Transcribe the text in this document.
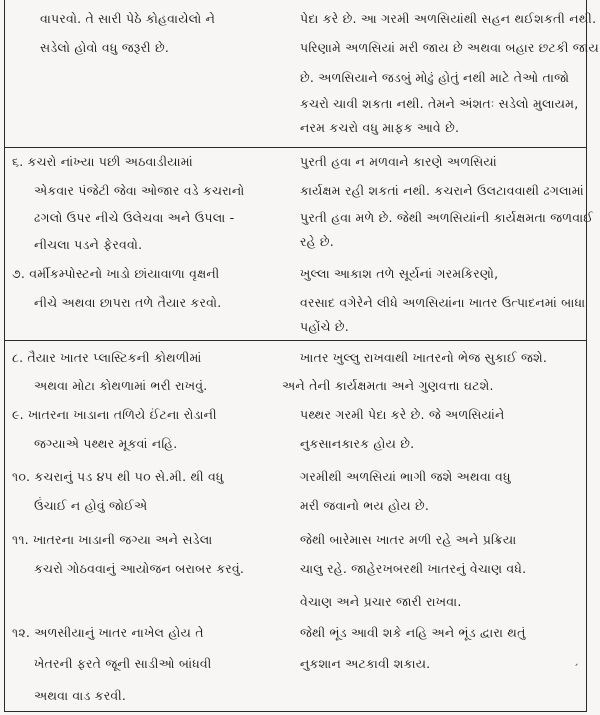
વાપરવો. તે સારી પેઠે કોહવાયેલો ને
સડેલો હોવો વધુ જરૂરી છે.
પેદા કરે છે. આ ગરમી અળસિયાંથી સહન થઈશકતી નથી.
પરિણામે અળસિયાં મરી જાય છે અથવા બહાર છટકી જાય
છે. અળસિયાને જડબું મોઢું હોતું નથી માટે તેઓ તાજો
કચરો ચાવી શકતા નથી. તેમને અંશતઃ સડેલો મુલાયમ,
નરમ કચરો વધુ માફક આવે છે.
૬. કચરો નાંખ્યા પછી અઠવાડીયામાં
એકવાર પંજેટી જેવા ઓજાર વડે કચરાનો
ઢગલો ઉપર નીચે ઉલેચવા અને ઉપલા -
નીચલા પડને ફેરવવો.
પુરતી હવા ન મળવાને કારણે અળસિયાં
કાર્યક્ષમ રહી શકતાં નથી. કચરાને ઉલટાવવાથી ઢગલામાં
પુરતી હવા મળે છે. જેથી અળસિયાંની કાર્યક્ષમતા જળવાઈ
રહે છે.
૭. વર્મીકમ્પોસ્ટનો ખાડો છાંયાવાળા વૃક્ષની
નીચે અથવા છાપરા તળે તૈયાર કરવો.
ખુલ્લા આકાશ તળે સૂર્યનાં ગરમકિરણો,
વરસાદ વગેરેને લીધે અળસિયાંના ખાતર ઉત્પાદનમાં બાધા
પહોંચે છે.
૮. તૈયાર ખાતર પ્લાસ્ટિકની કોથળીમાં
અથવા મોટા કોથળામાં ભરી રાખવું.
ખાતર ખુલ્લુ રાખવાથી ખાતરનો ભેજ સુકાઈ જશે.
અને તેની કાર્યક્ષમતા અને ગુણવત્તા ઘટશે.
૯. ખાતરના ખાડાના તળિયે ઈંટના રોડાની
જગ્યાએ પથ્થર મૂકવાં નહિ.
પથ્થર ગરમી પેદા કરે છે. જે અળસિયાંને
નુકસાનકારક હોય છે.
૧૦. કચરાનું પડ ૪૫ થી ૫૦ સે.મી. થી વધુ
ઉંચાઈ ન હોવું જોઈએ
ગરમીથી અળસિયાં ભાગી જશે અથવા વધુ
મરી જવાનો ભય હોય છે.
૧૧. ખાતરના ખાડાની જગ્યા અને સડેલા
કચરો ગોઠવવાનું આયોજન બરાબર કરવું.
જેથી બારેમાસ ખાતર મળી રહે અને પ્રક્રિયા
ચાલુ રહે. જાહેરખબરથી ખાતરનું વેચાણ વધે.
વેચાણ અને પ્રચાર જારી રાખવા.
૧૨. અળસીયાનું ખાતર નાખેલ હોય તે
ખેતરની ફરતે જૂની સાડીઓ બાંધવી
અથવા વાડ કરવી.
જેથી ભૂંડ આવી શકે નહિ અને ભૂંડ દ્વારા થતું
નુકશાન અટકાવી શકાય.	ˏ
